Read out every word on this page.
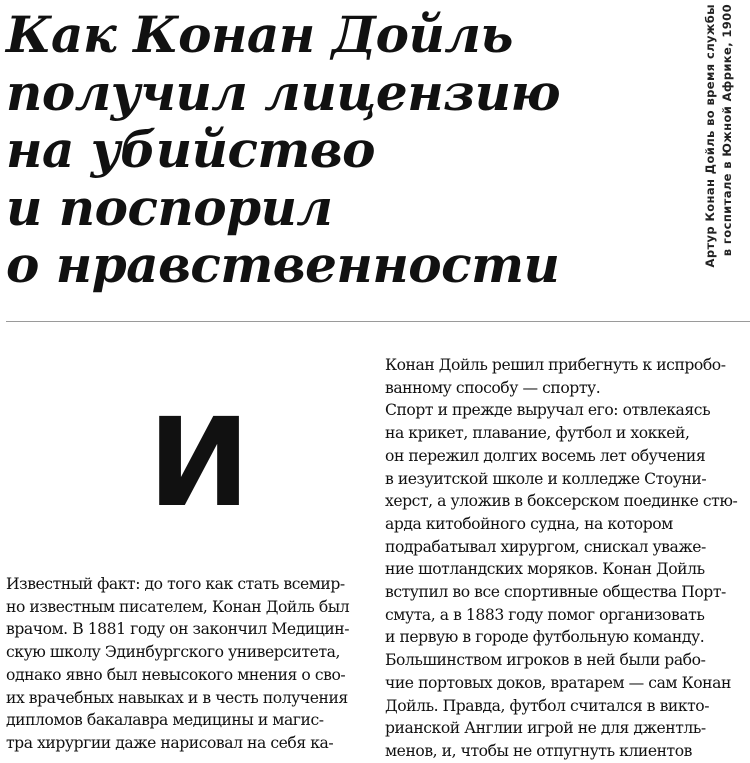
Как Конан Дойль
получил лицензию
на убийство
и поспорил
о нравственности	Артур Конан Дойль во время службы в госпитале в Южной Африке, 1900
И
Известный факт: до того как стать всемир-
но известным писателем, Конан Дойль был
врачом. В 1881 году он закончил Медицин-
скую школу Эдинбургского университета,
однако явно был невысокого мнения о сво-
их врачебных навыках и в честь получения
дипломов бакалавра медицины и магис-
тра хирургии даже нарисовал на себя ка-
Конан Дойль решил прибегнуть к испробо-
ванному способу — спорту.
Спорт и прежде выручал его: отвлекаясь
на крикет, плавание, футбол и хоккей,
он пережил долгих восемь лет обучения
в иезуитской школе и колледже Стоуни-
херст, а уложив в боксерском поединке стю-
арда китобойного судна, на котором
подрабатывал хирургом, снискал уваже-
ние шотландских моряков. Конан Дойль
вступил во все спортивные общества Порт-
смута, а в 1883 году помог организовать
и первую в городе футбольную команду.
Большинством игроков в ней были рабо-
чие портовых доков, вратарем — сам Конан
Дойль. Правда, футбол считался в викто-
рианской Англии игрой не для джентль-
менов, и, чтобы не отпугнуть клиентов
